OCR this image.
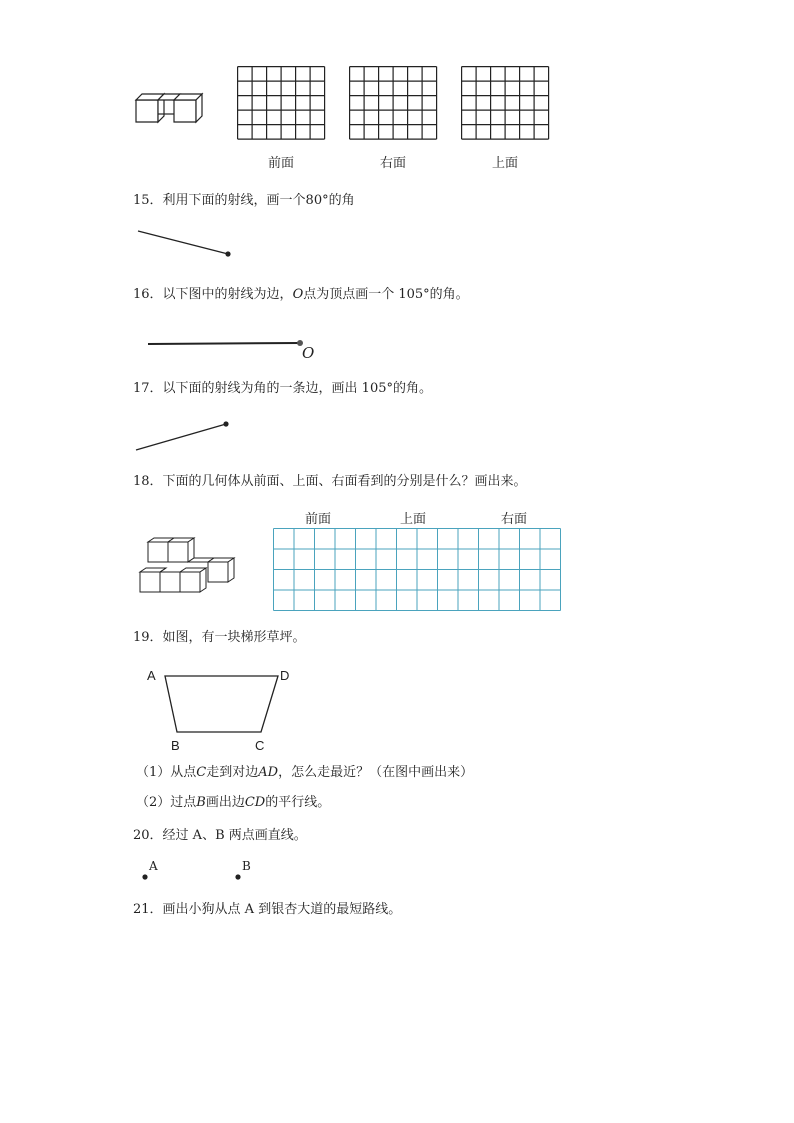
前面	右面	上面
15．利用下面的射线，画一个80°的角
16．以下图中的射线为边，O点为顶点画一个 105°的角。
O
17．以下面的射线为角的一条边，画出 105°的角。
18．下面的几何体从前面、上面、右面看到的分别是什么？画出来。
前面	上面	右面
19．如图，有一块梯形草坪。
A	D
B	C
（1）从点C走到对边AD，怎么走最近？（在图中画出来）
（2）过点B画出边CD的平行线。
20．经过 A、B 两点画直线。
A	B
21．画出小狗从点 A 到银杏大道的最短路线。
